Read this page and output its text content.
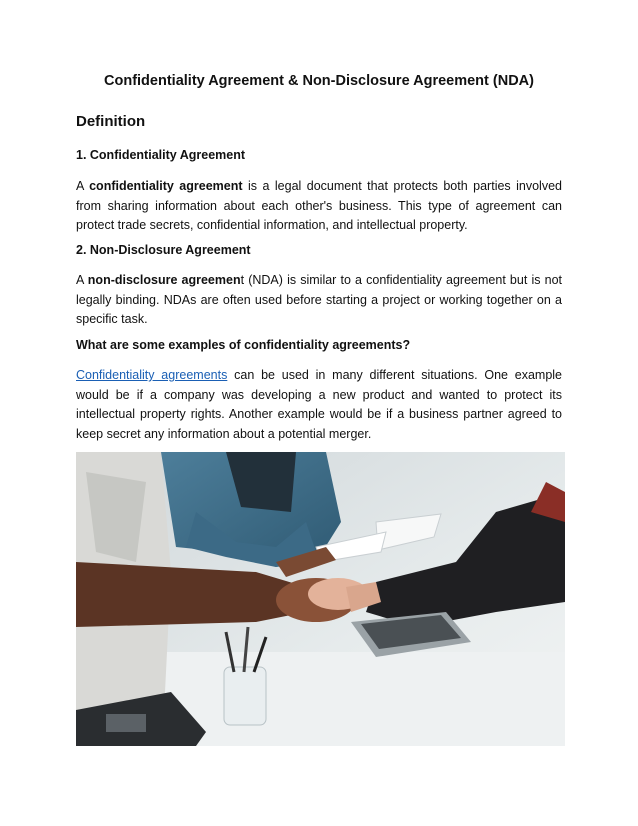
Confidentiality Agreement & Non-Disclosure Agreement (NDA)
Definition
1. Confidentiality Agreement

A confidentiality agreement is a legal document that protects both parties involved from sharing information about each other's business. This type of agreement can protect trade secrets, confidential information, and intellectual property.

2. Non-Disclosure Agreement

A non-disclosure agreement (NDA) is similar to a confidentiality agreement but is not legally binding. NDAs are often used before starting a project or working together on a specific task.

What are some examples of confidentiality agreements?

Confidentiality agreements can be used in many different situations. One example would be if a company was developing a new product and wanted to protect its intellectual property rights. Another example would be if a business partner agreed to keep secret any information about a potential merger.
